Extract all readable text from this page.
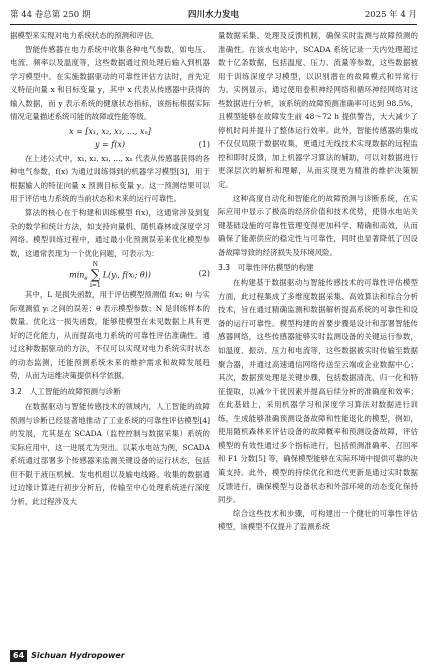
第 44 卷总第 250 期	四川水力发电	2025 年 4 月

据模型来实现对电力系统状态的预测和评估。

智能传感器在电力系统中收集各种电气参数，如电压、电流、频率以及温度等，这些数据通过预处理后输入到机器学习模型中。在实施数据驱动的可靠性评估方法时，首先定义特征向量 x 和目标变量 y，其中 x 代表从传感器中获得的输入数据，而 y 表示系统的健康状态指标，该指标根据实际情况定量描述系统可能的故障或性能等级。

x = [x₁, x₂, x₃, …, xₙ]
y = f(x)	(1)

在上述公式中，x₁, x₂, x₃, …, xₙ 代表从传感器获得的各种电气参数，f(x) 为通过训练得到的机器学习模型[3]，用于根据输入的特征向量 x 预测目标变量 y。这一预测结果可以用于评估电力系统的当前状态和未来的运行可靠性。

算法的核心在于构建和训练模型 f(x)，这通常涉及到复杂的数学和统计方法，如支持向量机、随机森林或深度学习网络。模型训练过程中，通过最小化预测误差来优化模型参数，这通常表现为一个优化问题，可表示为：

$\min_\theta N$
∑
i=1L(yᵢ, f(xᵢ; θ))	(2)

其中，L 是损失函数，用于评估模型预测值 f(xᵢ; θ) 与实际观测值 yᵢ 之间的误差；θ 表示模型参数；N 是训练样本的数量。优化这一损失函数，能够使模型在未见数据上具有更好的泛化能力，从而提高电力系统的可靠性评估准确性。通过这种数据驱动的方法，不仅可以实现对电力系统实时状态的动态监测，还能预测系统未来的维护需求和故障发展趋势，从而为运维决策提供科学依据。

3.2　人工智能的故障预测与诊断

在数据驱动与智能传感技术的领域内，人工智能的故障预测与诊断已经显著地推动了工业系统的可靠性评估模型[4]的发展，尤其是在 SCADA（监控控制与数据采集）系统的实际应用中，这一进展尤为突出。以某水电站为例，SCADA 系统通过部署多个传感器来监测关键设备的运行状态，包括但不限于液压机械、发电机组以及输电线路。收集的数据通过边缘计算进行初步分析后，传输至中心处理系统进行深度分析，此过程涉及大

量数据采集、处理及反馈机制，确保实时监测与故障预测的准确性。在该水电站中，SCADA 系统记录一天内处理超过数十亿条数据，包括温度、压力、流量等参数，这些数据被用于训练深度学习模型，以识别潜在的故障模式和异常行为。实例显示，通过使用卷积神经网络和循环神经网络对这些数据进行分析，该系统的故障预测准确率可达到 98.5%，且模型能够在故障发生前 48～72 h 提供警告，大大减少了停机时间并提升了整体运行效率。此外，智能传感器的集成不仅仅局限于数据收集，更通过无线技术实现数据的远程监控和即时反馈，加上机器学习算法的辅助，可以对数据进行更深层次的解析和理解，从而实现更为精准的维护决策制定。

这种高度自动化和智能化的故障预测与诊断系统，在实际应用中显示了极高的经济价值和技术优势，使得水电站关键基础设施的可靠性管理变得更加科学、精确和高效，从而确保了能源供应的稳定性与可靠性，同时也显著降低了因设备故障导致的经济损失及环境风险。

3.3　可靠性评估模型的构建

在构建基于数据驱动与智能传感技术的可靠性评估模型方面，此过程集成了多维度数据采集、高效算法和综合分析技术，旨在通过精确监测和数据解析提高系统的可靠性和设备的运行可靠性。模型构建的首要步骤是设计和部署智能传感器网络，这些传感器能够实时监测设备的关键运行参数，如温度、振动、压力和电流等，这些数据被实时传输至数据聚合器，并通过高速通信网络传送至云端或企业数据中心；其次，数据预处理是关键步骤，包括数据清洗、归一化和特征提取，以减少干扰因素并提高后续分析的准确度和效率；在此基础上，采用机器学习和深度学习算法对数据进行训练，生成能够准确预测设备故障和性能退化的模型，例如，使用随机森林来评估设备的故障概率和预测设备故障，评估模型的有效性通过多个指标进行，包括预测准确率、召回率和 F1 分数[5] 等，确保模型能够在实际环境中提供可靠的决策支持。此外，模型的持续优化和迭代更新是通过实时数据反馈进行，确保模型与设备状态和外部环境的动态变化保持同步。

综合这些技术和步骤，可构建出一个健壮的可靠性评估模型，该模型不仅提升了监测系统

64 Sichuan Hydropower
